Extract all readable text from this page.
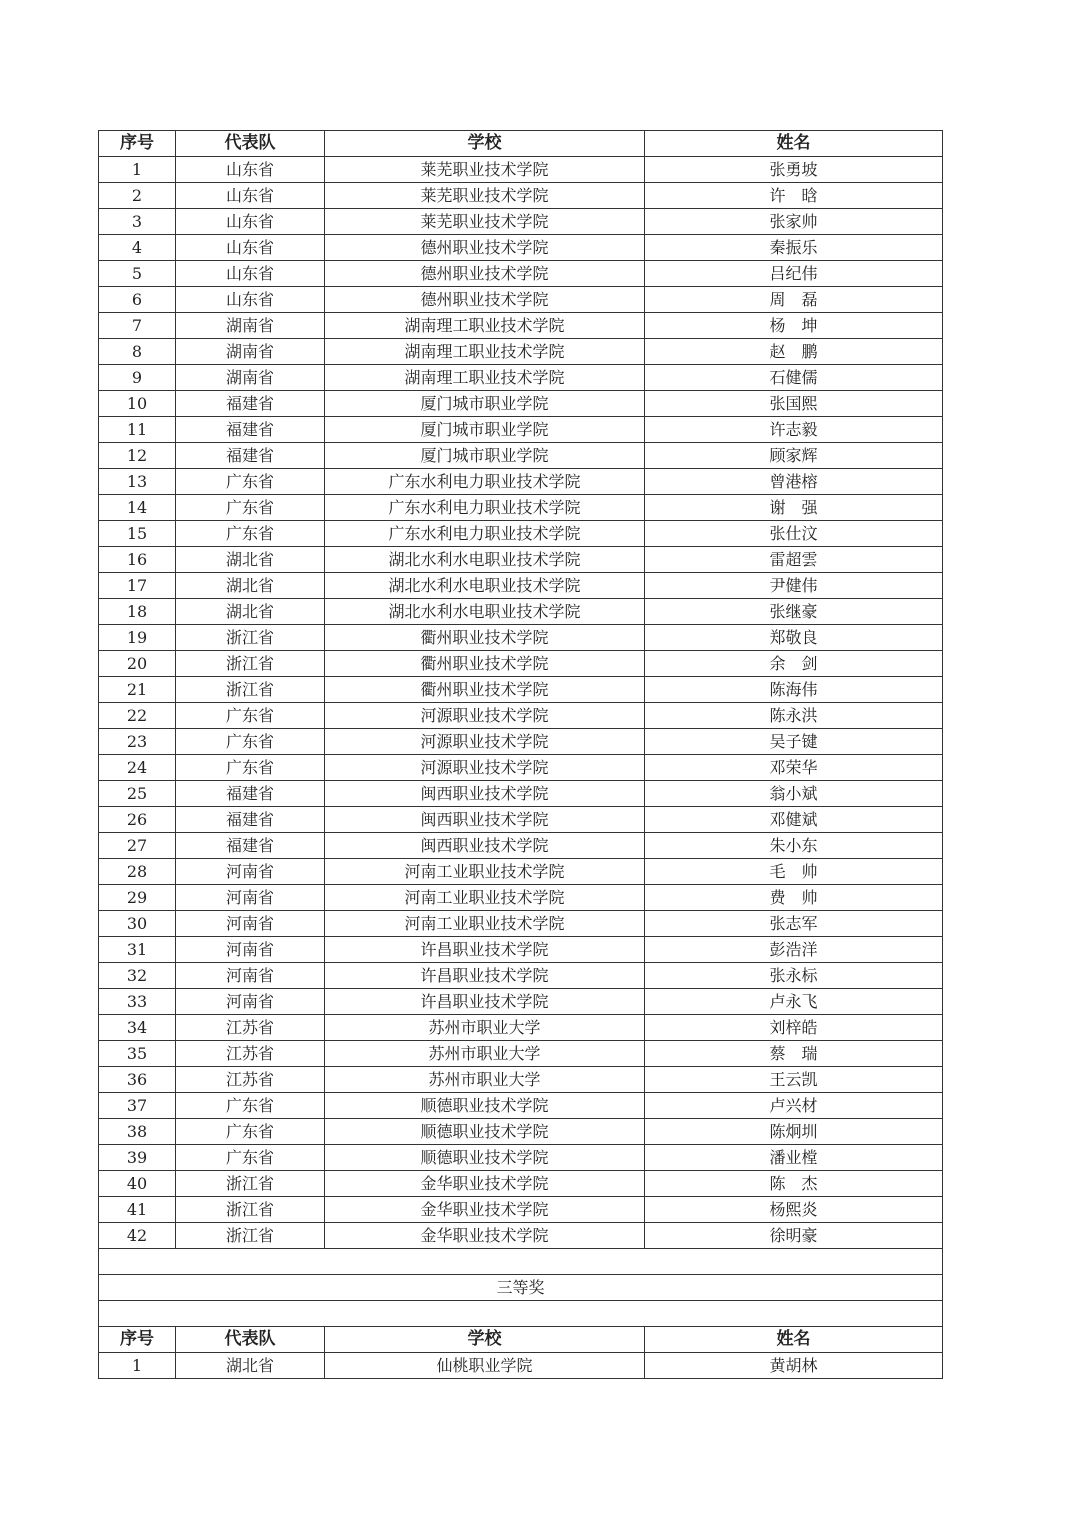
序号	代表队	学校	姓名
1	山东省	莱芜职业技术学院	张勇坡
2	山东省	莱芜职业技术学院	许　晗
3	山东省	莱芜职业技术学院	张家帅
4	山东省	德州职业技术学院	秦振乐
5	山东省	德州职业技术学院	吕纪伟
6	山东省	德州职业技术学院	周　磊
7	湖南省	湖南理工职业技术学院	杨　坤
8	湖南省	湖南理工职业技术学院	赵　鹏
9	湖南省	湖南理工职业技术学院	石健儒
10	福建省	厦门城市职业学院	张国熙
11	福建省	厦门城市职业学院	许志毅
12	福建省	厦门城市职业学院	顾家辉
13	广东省	广东水利电力职业技术学院	曾港榕
14	广东省	广东水利电力职业技术学院	谢　强
15	广东省	广东水利电力职业技术学院	张仕汶
16	湖北省	湖北水利水电职业技术学院	雷超雲
17	湖北省	湖北水利水电职业技术学院	尹健伟
18	湖北省	湖北水利水电职业技术学院	张继豪
19	浙江省	衢州职业技术学院	郑敬良
20	浙江省	衢州职业技术学院	余　剑
21	浙江省	衢州职业技术学院	陈海伟
22	广东省	河源职业技术学院	陈永洪
23	广东省	河源职业技术学院	吴子键
24	广东省	河源职业技术学院	邓荣华
25	福建省	闽西职业技术学院	翁小斌
26	福建省	闽西职业技术学院	邓健斌
27	福建省	闽西职业技术学院	朱小东
28	河南省	河南工业职业技术学院	毛　帅
29	河南省	河南工业职业技术学院	费　帅
30	河南省	河南工业职业技术学院	张志军
31	河南省	许昌职业技术学院	彭浩洋
32	河南省	许昌职业技术学院	张永标
33	河南省	许昌职业技术学院	卢永飞
34	江苏省	苏州市职业大学	刘梓皓
35	江苏省	苏州市职业大学	蔡　瑞
36	江苏省	苏州市职业大学	王云凯
37	广东省	顺德职业技术学院	卢兴材
38	广东省	顺德职业技术学院	陈炯圳
39	广东省	顺德职业技术学院	潘业樘
40	浙江省	金华职业技术学院	陈　杰
41	浙江省	金华职业技术学院	杨熙炎
42	浙江省	金华职业技术学院	徐明豪

三等奖			

序号	代表队	学校	姓名
1	湖北省	仙桃职业学院	黄胡林
